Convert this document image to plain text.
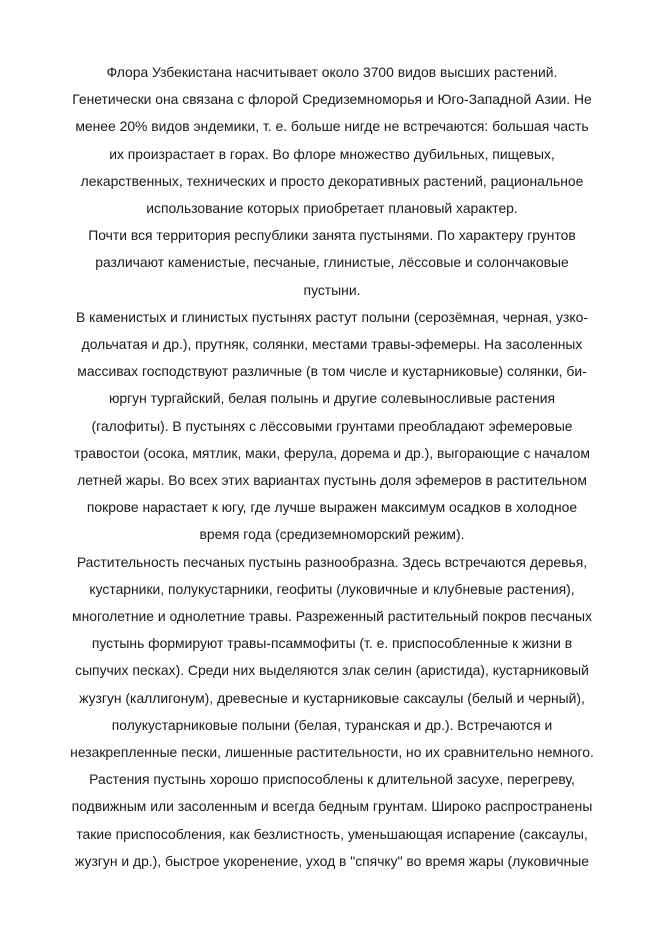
Флора Узбекистана насчитывает около 3700 видов высших растений.
Генетически она связана с флорой Средиземноморья и Юго-Западной Азии. Не
менее 20% видов эндемики, т. е. больше нигде не встречаются: большая часть
их произрастает в горах. Во флоре множество дубильных, пищевых,
лекарственных, технических и просто декоративных растений, рациональное
использование которых приобретает плановый характер.
Почти вся территория республики занята пустынями. По характеру грунтов
различают каменистые, песчаные, глинистые, лёссовые и солончаковые
пустыни.
В каменистых и глинистых пустынях растут полыни (серозёмная, черная, узко-
дольчатая и др.), прутняк, солянки, местами травы-эфемеры. На засоленных
массивах господствуют различные (в том числе и кустарниковые) солянки, би-
юргун тургайский, белая полынь и другие солевыносливые растения
(галофиты). В пустынях с лёссовыми грунтами преобладают эфемеровые
травостои (осока, мятлик, маки, ферула, дорема и др.), выгорающие с началом
летней жары. Во всех этих вариантах пустынь доля эфемеров в растительном
покрове нарастает к югу, где лучше выражен максимум осадков в холодное
время года (средиземноморский режим).
Растительность песчаных пустынь разнообразна. Здесь встречаются деревья,
кустарники, полукустарники, геофиты (луковичные и клубневые растения),
многолетние и однолетние травы. Разреженный растительный покров песчаных
пустынь формируют травы-псаммофиты (т. е. приспособленные к жизни в
сыпучих песках). Среди них выделяются злак селин (аристида), кустарниковый
жузгун (каллигонум), древесные и кустарниковые саксаулы (белый и черный),
полукустарниковые полыни (белая, туранская и др.). Встречаются и
незакрепленные пески, лишенные растительности, но их сравнительно немного.
Растения пустынь хорошо приспособлены к длительной засухе, перегреву,
подвижным или засоленным и всегда бедным грунтам. Широко распространены
такие приспособления, как безлистность, уменьшающая испарение (саксаулы,
жузгун и др.), быстрое укоренение, уход в "спячку" во время жары (луковичные
